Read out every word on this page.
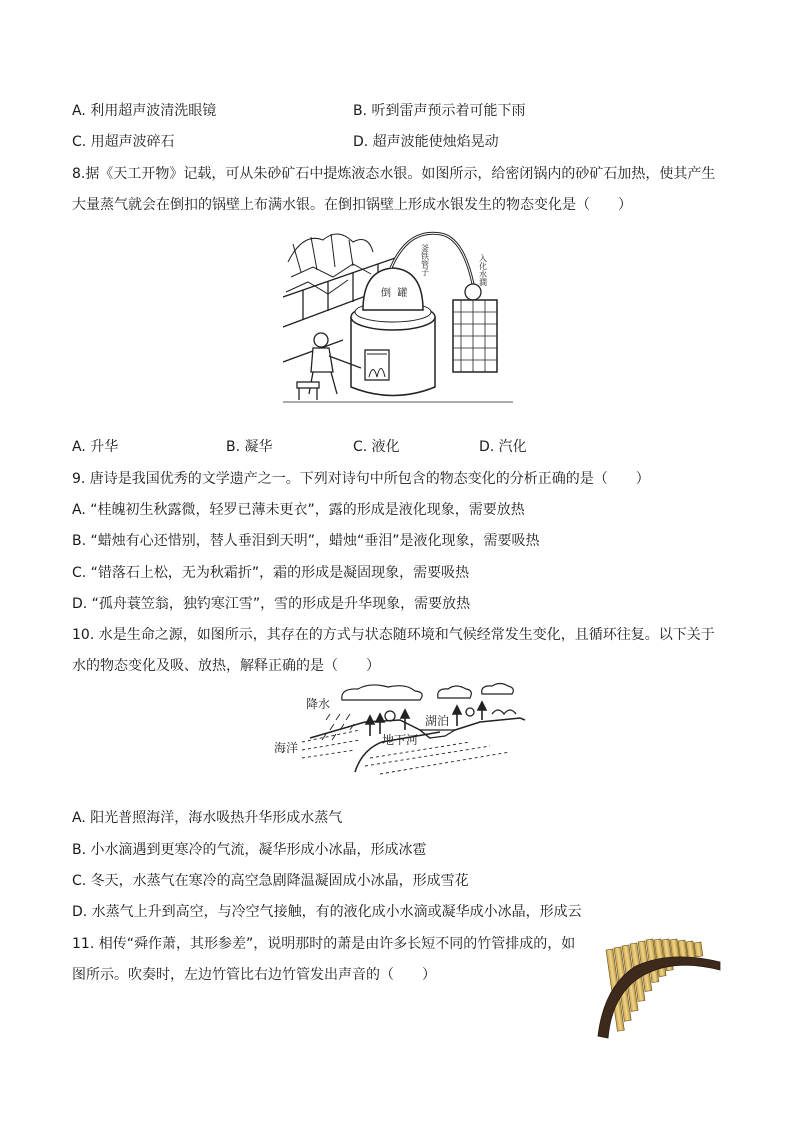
A. 利用超声波清洗眼镜	B. 听到雷声预示着可能下雨
C. 用超声波碎石	D. 超声波能使烛焰晃动
8.据《天工开物》记载，可从朱砂矿石中提炼液态水银。如图所示，给密闭锅内的砂矿石加热，使其产生
大量蒸气就会在倒扣的锅壁上布满水银。在倒扣锅壁上形成水银发生的物态变化是（　　）
倒  罐
釜铁管子	入化水澗
A. 升华	B. 凝华	C. 液化	D. 汽化
9. 唐诗是我国优秀的文学遗产之一。下列对诗句中所包含的物态变化的分析正确的是（　　）
A. “桂魄初生秋露微，轻罗已薄未更衣”，露的形成是液化现象，需要放热
B. “蜡烛有心还惜别，替人垂泪到天明”，蜡烛“垂泪”是液化现象，需要吸热
C. “错落石上松，无为秋霜折”，霜的形成是凝固现象，需要吸热
D. “孤舟蓑笠翁，独钓寒江雪”，雪的形成是升华现象，需要放热
10. 水是生命之源，如图所示，其存在的方式与状态随环境和气候经常发生变化，且循环往复。以下关于
水的物态变化及吸、放热，解释正确的是（　　）
降水
湖泊
海洋
地下河
A. 阳光普照海洋，海水吸热升华形成水蒸气
B. 小水滴遇到更寒冷的气流，凝华形成小冰晶，形成冰雹
C. 冬天，水蒸气在寒冷的高空急剧降温凝固成小冰晶，形成雪花
D. 水蒸气上升到高空，与冷空气接触，有的液化成小水滴或凝华成小冰晶，形成云
11. 相传“舜作萧，其形参差”，说明那时的萧是由许多长短不同的竹管排成的，如
图所示。吹奏时，左边竹管比右边竹管发出声音的（　　）
